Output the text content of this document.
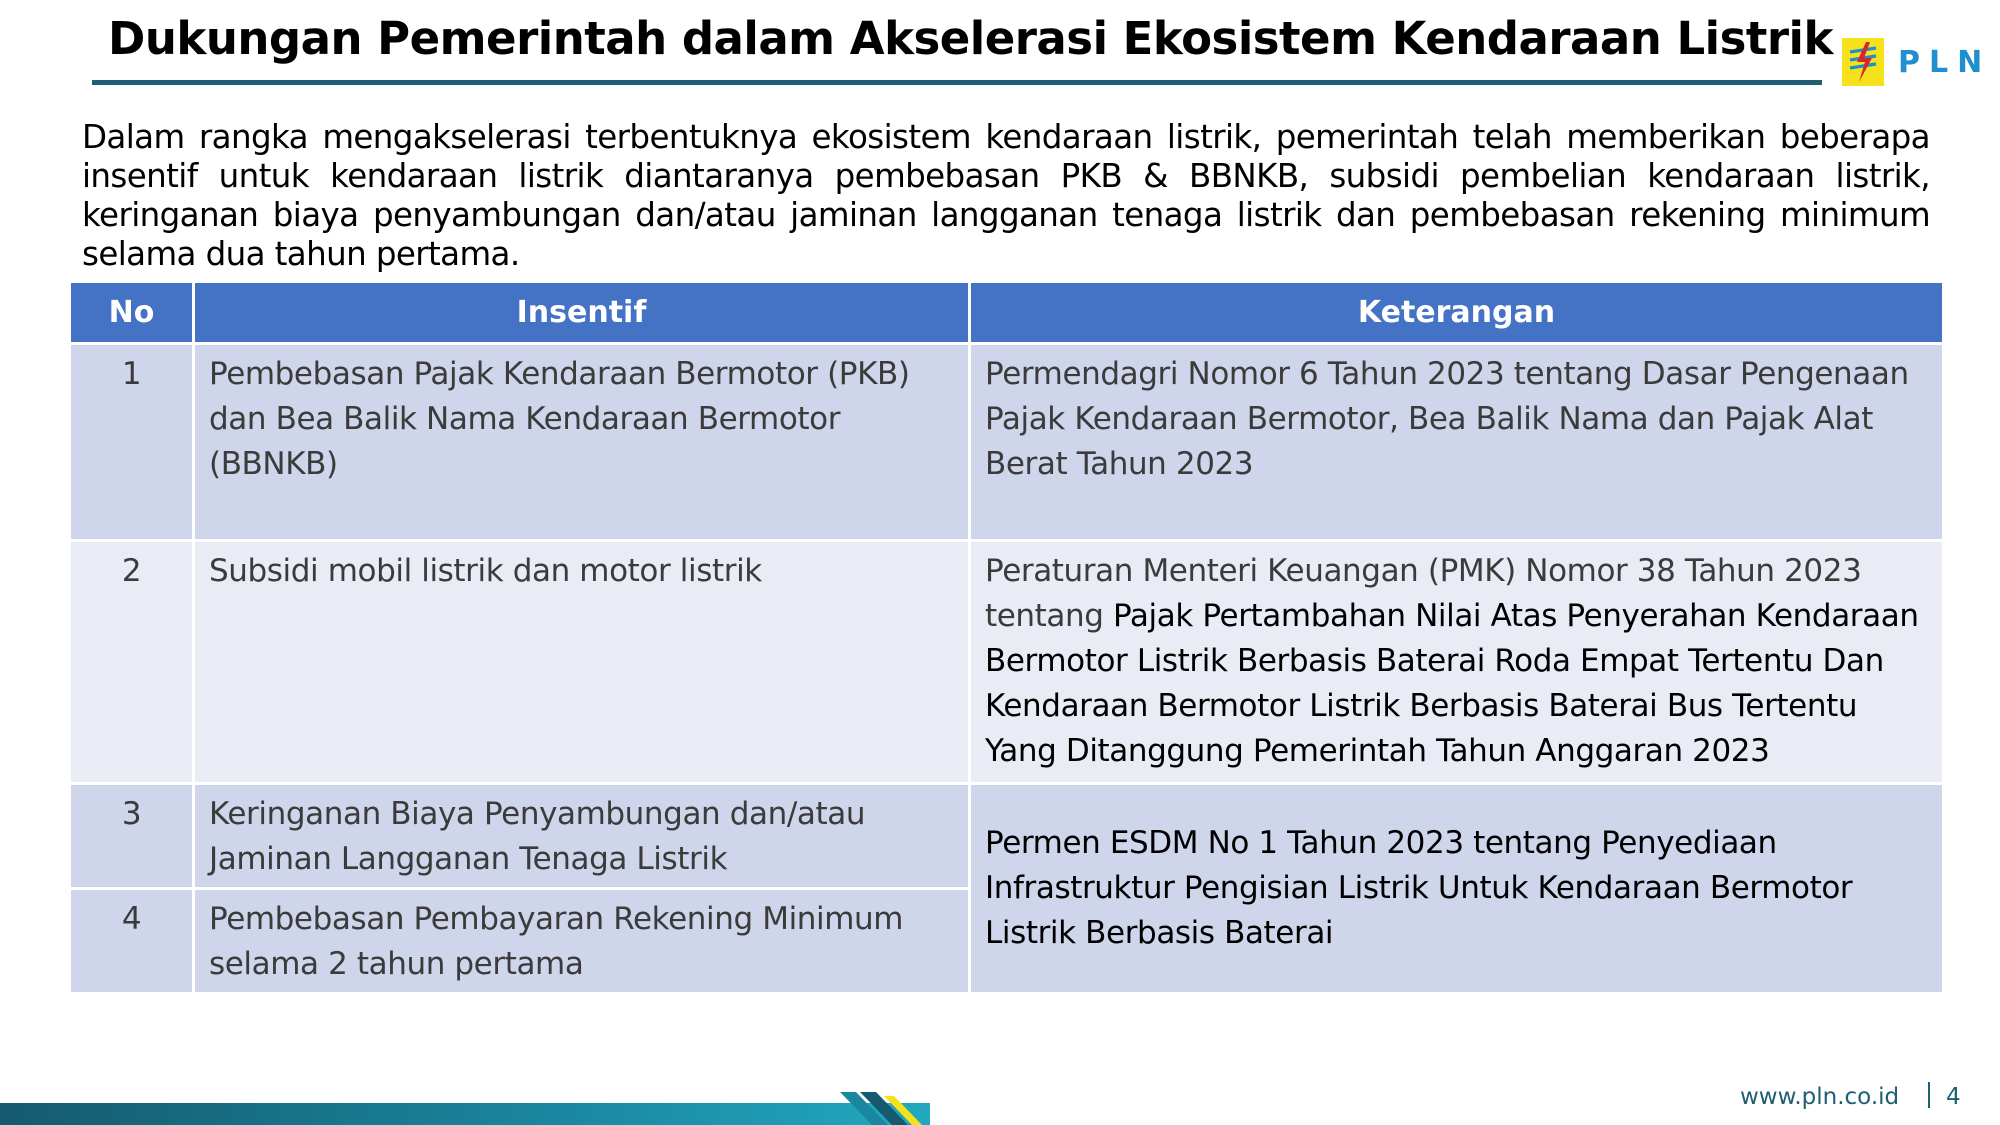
Dukungan Pemerintah dalam Akselerasi Ekosistem Kendaraan Listrik PLN

Dalam rangka mengakselerasi terbentuknya ekosistem kendaraan listrik, pemerintah telah memberikan beberapa insentif untuk kendaraan listrik diantaranya pembebasan PKB & BBNKB, subsidi pembelian kendaraan listrik, keringanan biaya penyambungan dan/atau jaminan langganan tenaga listrik dan pembebasan rekening minimum selama dua tahun pertama.

No	Insentif	Keterangan
1	Pembebasan Pajak Kendaraan Bermotor (PKB) dan Bea Balik Nama Kendaraan Bermotor (BBNKB)	Permendagri Nomor 6 Tahun 2023 tentang Dasar Pengenaan Pajak Kendaraan Bermotor, Bea Balik Nama dan Pajak Alat Berat Tahun 2023
2	Subsidi mobil listrik dan motor listrik	Peraturan Menteri Keuangan (PMK) Nomor 38 Tahun 2023 tentang Pajak Pertambahan Nilai Atas Penyerahan Kendaraan Bermotor Listrik Berbasis Baterai Roda Empat Tertentu Dan Kendaraan Bermotor Listrik Berbasis Baterai Bus Tertentu Yang Ditanggung Pemerintah Tahun Anggaran 2023
3	Keringanan Biaya Penyambungan dan/atau Jaminan Langganan Tenaga Listrik	Permen ESDM No 1 Tahun 2023 tentang Penyediaan Infrastruktur Pengisian Listrik Untuk Kendaraan Bermotor Listrik Berbasis Baterai
4	Pembebasan Pembayaran Rekening Minimum selama 2 tahun pertama	
www.pln.co.id 4
